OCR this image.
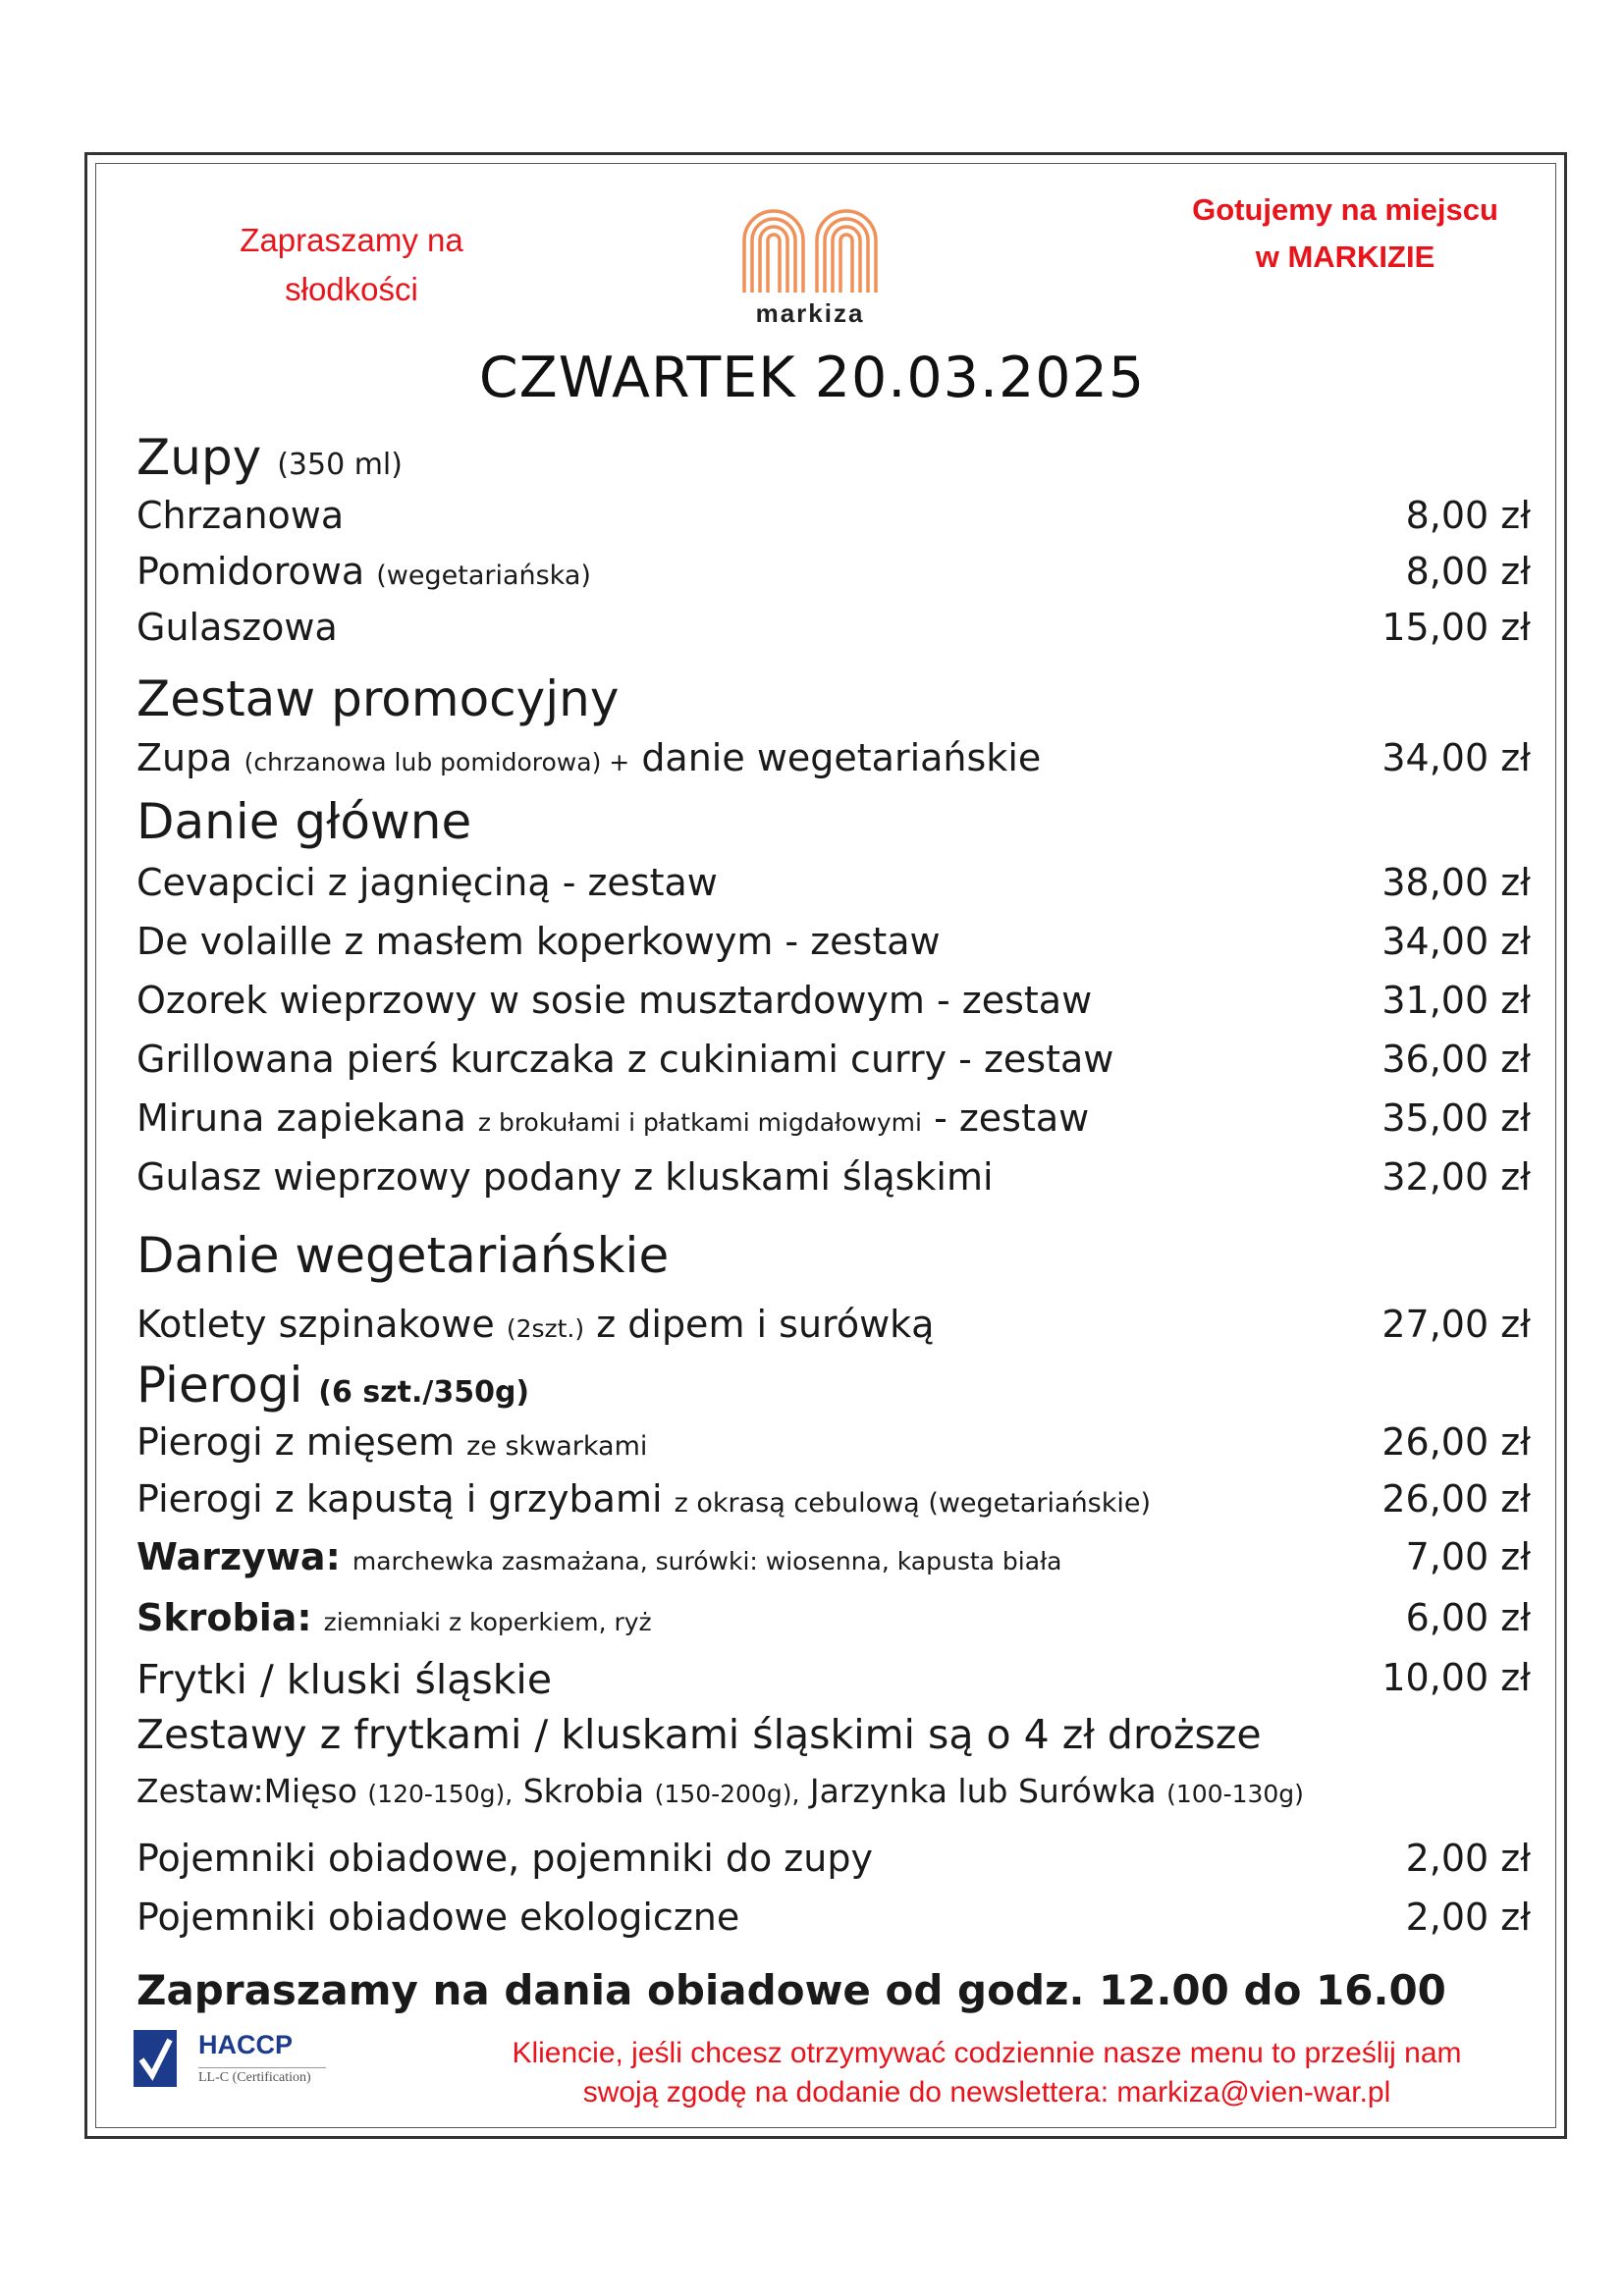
Zapraszamy na
słodkości
markiza
Gotujemy na miejscu
w MARKIZIE
CZWARTEK 20.03.2025
Zupy (350 ml)
Chrzanowa	8,00 zł
Pomidorowa (wegetariańska)	8,00 zł
Gulaszowa	15,00 zł
Zestaw promocyjny
Zupa (chrzanowa lub pomidorowa) + danie wegetariańskie	34,00 zł
Danie główne
Cevapcici z jagnięciną - zestaw	38,00 zł
De volaille z masłem koperkowym - zestaw	34,00 zł
Ozorek wieprzowy w sosie musztardowym - zestaw	31,00 zł
Grillowana pierś kurczaka z cukiniami curry - zestaw	36,00 zł
Miruna zapiekana z brokułami i płatkami migdałowymi - zestaw	35,00 zł
Gulasz wieprzowy podany z kluskami śląskimi	32,00 zł
Danie wegetariańskie
Kotlety szpinakowe (2szt.) z dipem i surówką	27,00 zł
Pierogi (6 szt./350g)
Pierogi z mięsem ze skwarkami	26,00 zł
Pierogi z kapustą i grzybami z okrasą cebulową (wegetariańskie)	26,00 zł
Warzywa: marchewka zasmażana, surówki: wiosenna, kapusta biała	7,00 zł
Skrobia: ziemniaki z koperkiem, ryż	6,00 zł
Frytki / kluski śląskie	10,00 zł
Zestawy z frytkami / kluskami śląskimi są o 4 zł droższe
Zestaw:Mięso (120-150g), Skrobia (150-200g), Jarzynka lub Surówka (100-130g)
Pojemniki obiadowe, pojemniki do zupy	2,00 zł
Pojemniki obiadowe ekologiczne	2,00 zł
Zapraszamy na dania obiadowe od godz. 12.00 do 16.00
HACCP
LL-C (Certification)
Kliencie, jeśli chcesz otrzymywać codziennie nasze menu to prześlij nam
swoją zgodę na dodanie do newslettera: markiza@vien-war.pl
